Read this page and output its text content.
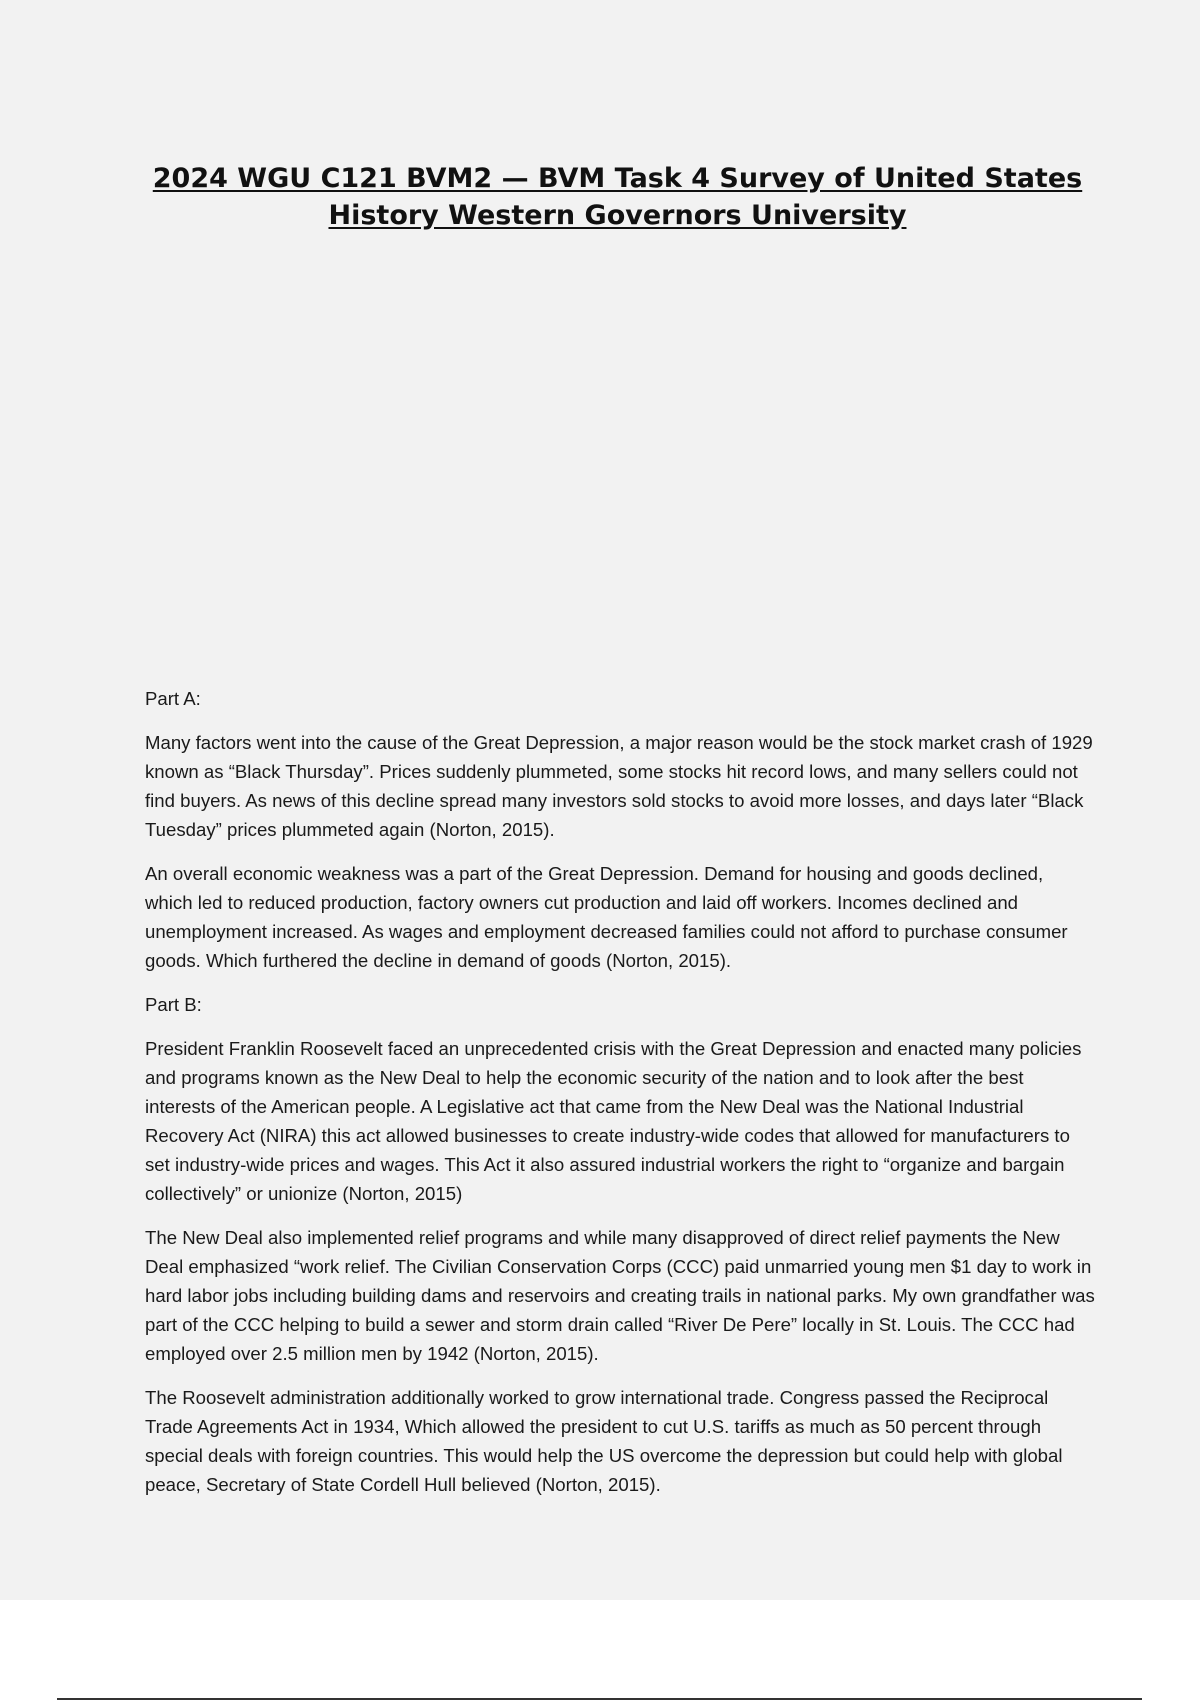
2024 WGU C121 BVM2 — BVM Task 4 Survey of United States History Western Governors University

Part A:

Many factors went into the cause of the Great Depression, a major reason would be the stock market crash of 1929 known as “Black Thursday”. Prices suddenly plummeted, some stocks hit record lows, and many sellers could not find buyers. As news of this decline spread many investors sold stocks to avoid more losses, and days later “Black Tuesday” prices plummeted again (Norton, 2015).

An overall economic weakness was a part of the Great Depression. Demand for housing and goods declined, which led to reduced production, factory owners cut production and laid off workers. Incomes declined and unemployment increased. As wages and employment decreased families could not afford to purchase consumer goods. Which furthered the decline in demand of goods (Norton, 2015).

Part B:

President Franklin Roosevelt faced an unprecedented crisis with the Great Depression and enacted many policies and programs known as the New Deal to help the economic security of the nation and to look after the best interests of the American people. A Legislative act that came from the New Deal was the National Industrial Recovery Act (NIRA) this act allowed businesses to create industry-wide codes that allowed for manufacturers to set industry-wide prices and wages. This Act it also assured industrial workers the right to “organize and bargain collectively” or unionize (Norton, 2015)

The New Deal also implemented relief programs and while many disapproved of direct relief payments the New Deal emphasized “work relief. The Civilian Conservation Corps (CCC) paid unmarried young men $1 day to work in hard labor jobs including building dams and reservoirs and creating trails in national parks. My own grandfather was part of the CCC helping to build a sewer and storm drain called “River De Pere” locally in St. Louis. The CCC had employed over 2.5 million men by 1942 (Norton, 2015).

The Roosevelt administration additionally worked to grow international trade. Congress passed the Reciprocal Trade Agreements Act in 1934, Which allowed the president to cut U.S. tariffs as much as 50 percent through special deals with foreign countries. This would help the US overcome the depression but could help with global peace, Secretary of State Cordell Hull believed (Norton, 2015).
